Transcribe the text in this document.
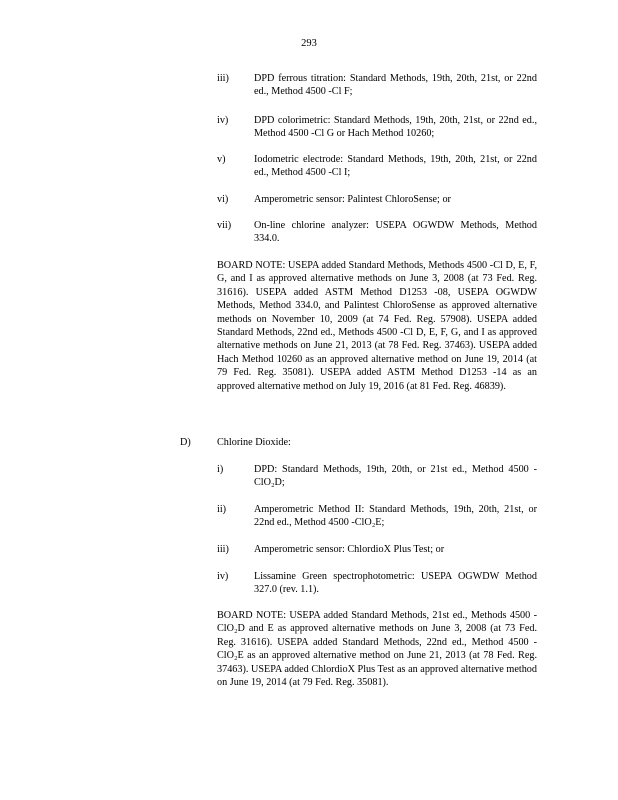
293
iii) DPD ferrous titration: Standard Methods, 19th, 20th, 21st, or 22nd ed., Method 4500 -Cl F;
iv)	DPD colorimetric: Standard Methods, 19th, 20th, 21st, or 22nd ed., Method 4500 -Cl G or Hach Method 10260;
v)	Iodometric electrode: Standard Methods, 19th, 20th, 21st, or 22nd ed., Method 4500 -Cl I;
vi)	Amperometric sensor: Palintest ChloroSense; or
vii) On-line chlorine analyzer: USEPA OGWDW Methods, Method 334.0.
BOARD NOTE: USEPA added Standard Methods, Methods 4500 -Cl D, E, F, G, and I as approved alternative methods on June 3, 2008 (at 73 Fed. Reg. 31616). USEPA added ASTM Method D1253 -08, USEPA OGWDW Methods, Method 334.0, and Palintest ChloroSense as approved alternative methods on November 10, 2009 (at 74 Fed. Reg. 57908). USEPA added Standard Methods, 22nd ed., Methods 4500 -Cl D, E, F, G, and I as approved alternative methods on June 21, 2013 (at 78 Fed. Reg. 37463). USEPA added Hach Method 10260 as an approved alternative method on June 19, 2014 (at 79 Fed. Reg. 35081). USEPA added ASTM Method D1253 -14 as an approved alternative method on July 19, 2016 (at 81 Fed. Reg. 46839).
D)	Chlorine Dioxide:
i)	DPD: Standard Methods, 19th, 20th, or 21st ed., Method 4500 -ClO₂D;
ii)	Amperometric Method II: Standard Methods, 19th, 20th, 21st, or 22nd ed., Method 4500 -ClO₂E;
iii) Amperometric sensor: ChlordioX Plus Test; or
iv)	Lissamine Green spectrophotometric: USEPA OGWDW Method 327.0 (rev. 1.1).
BOARD NOTE: USEPA added Standard Methods, 21st ed., Methods 4500 -ClO₂D and E as approved alternative methods on June 3, 2008 (at 73 Fed. Reg. 31616). USEPA added Standard Methods, 22nd ed., Method 4500 -ClO₂E as an approved alternative method on June 21, 2013 (at 78 Fed. Reg. 37463). USEPA added ChlordioX Plus Test as an approved alternative method on June 19, 2014 (at 79 Fed. Reg. 35081).
